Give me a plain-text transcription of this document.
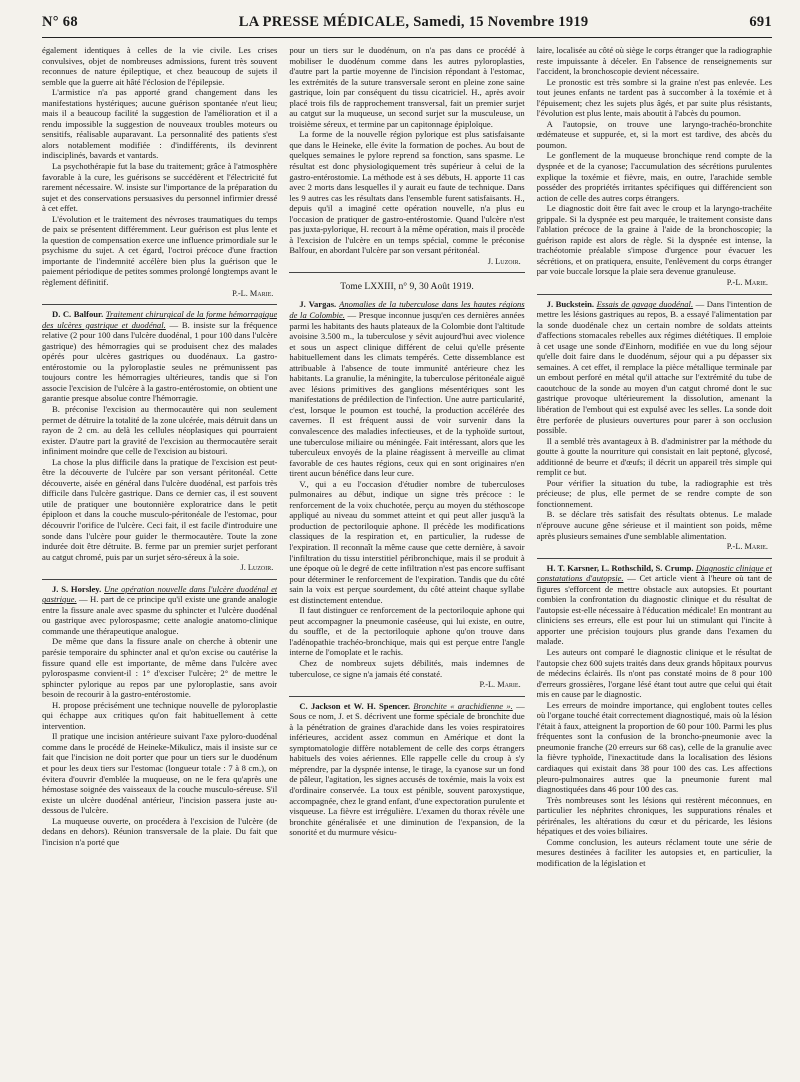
N° 68	LA PRESSE MÉDICALE, Samedi, 15 Novembre 1919	691

également identiques à celles de la vie civile. Les crises convulsives, objet de nombreuses admissions, furent très souvent reconnues de nature épileptique, et chez beaucoup de sujets il semble que la guerre ait hâté l'éclosion de l'épilepsie.

L'armistice n'a pas apporté grand changement dans les manifestations hystériques; aucune guérison spontanée n'eut lieu; mais il a beaucoup facilité la suggestion de l'amélioration et il a rendu impossible la suggestion de nouveaux troubles moteurs ou sensitifs, réalisable auparavant. La personnalité des patients s'est alors notablement modifiée : d'indifférents, ils devinrent indisciplinés, bavards et vantards.

La psychothérapie fut la base du traitement; grâce à l'atmosphère favorable à la cure, les guérisons se succédèrent et l'électricité fut rarement nécessaire. W. insiste sur l'importance de la préparation du sujet et des conservations persuasives du personnel infirmier dressé à cet effet.

L'évolution et le traitement des névroses traumatiques du temps de paix se présentent différemment. Leur guérison est plus lente et la question de compensation exerce une influence primordiale sur le psychisme du sujet. A cet égard, l'octroi précoce d'une fraction importante de l'indemnité accélère bien plus la guérison que le paiement périodique de petites sommes prolongé longtemps avant le règlement définitif.

P.-L. Marie.

D. C. Balfour. Traitement chirurgical de la forme hémorragique des ulcères gastrique et duodénal. — B. insiste sur la fréquence relative (2 pour 100 dans l'ulcère duodénal, 1 pour 100 dans l'ulcère gastrique) des hémorragies qui se produisent chez des malades opérés pour ulcères gastriques ou duodénaux. La gastro-entérostomie ou la pyloroplastie seules ne prémunissent pas toujours contre les hémorragies ultérieures, tandis que si l'on associe l'excision de l'ulcère à la gastro-entérostomie, on obtient une garantie presque absolue contre l'hémorragie.

B. préconise l'excision au thermocautère qui non seulement permet de détruire la totalité de la zone ulcérée, mais détruit dans un rayon de 2 cm. au delà les cellules néoplasiques qui pourraient exister. D'autre part la gravité de l'excision au thermocautère serait infiniment moindre que celle de l'excision au bistouri.

La chose la plus difficile dans la pratique de l'excision est peut-être la découverte de l'ulcère par son versant péritonéal. Cette découverte, aisée en général dans l'ulcère duodénal, est parfois très difficile dans l'ulcère gastrique. Dans ce dernier cas, il est souvent utile de pratiquer une boutonnière exploratrice dans le petit épiploon et dans la couche musculo-péritonéale de l'estomac, pour découvrir l'orifice de l'ulcère. Ceci fait, il est facile d'introduire une sonde dans l'ulcère pour guider le thermocautère. Toute la zone indurée doit être détruite. B. ferme par un premier surjet perforant au catgut chromé, puis par un surjet séro-séreux à la soie.

J. Luzoir.

J. S. Horsley. Une opération nouvelle dans l'ulcère duodénal et gastrique. — H. part de ce principe qu'il existe une grande analogie entre la fissure anale avec spasme du sphincter et l'ulcère duodénal ou gastrique avec pylorospasme; cette analogie anatomo-clinique commande une thérapeutique analogue.

De même que dans la fissure anale on cherche à obtenir une parésie temporaire du sphincter anal et qu'on excise ou cautérise la fissure quand elle est importante, de même dans l'ulcère avec pylorospasme convient-il : 1° d'exciser l'ulcère; 2° de mettre le sphincter pylorique au repos par une pyloroplastie, sans avoir besoin de recourir à la gastro-entérostomie.

H. propose précisément une technique nouvelle de pyloroplastie qui échappe aux critiques qu'on fait habituellement à cette intervention.

Il pratique une incision antérieure suivant l'axe pyloro-duodénal comme dans le procédé de Heineke-Mikulicz, mais il insiste sur ce fait que l'incision ne doit porter que pour un tiers sur le duodénum et pour les deux tiers sur l'estomac (longueur totale : 7 à 8 cm.), on évitera d'ouvrir d'emblée la muqueuse, on ne le fera qu'après une hémostase soignée des vaisseaux de la couche musculo-séreuse. S'il existe un ulcère duodénal antérieur, l'incision passera juste au-dessous de l'ulcère.

La muqueuse ouverte, on procédera à l'excision de l'ulcère (de dedans en dehors). Réunion transversale de la plaie. Du fait que l'incision n'a porté que

pour un tiers sur le duodénum, on n'a pas dans ce procédé à mobiliser le duodénum comme dans les autres pyloroplasties, d'autre part la partie moyenne de l'incision répondant à l'estomac, les extrémités de la suture transversale seront en pleine zone saine gastrique, loin par conséquent du tissu cicatriciel. H., après avoir placé trois fils de rapprochement transversal, fait un premier surjet au catgut sur la muqueuse, un second surjet sur la musculeuse, un troisième séreux, et termine par un capitonnage épiploïque.

La forme de la nouvelle région pylorique est plus satisfaisante que dans le Heineke, elle évite la formation de poches. Au bout de quelques semaines le pylore reprend sa fonction, sans spasme. Le résultat est donc physiologiquement très supérieur à celui de la gastro-entérostomie. La méthode est à ses débuts, H. apporte 11 cas avec 2 morts dans lesquelles il y aurait eu faute de technique. Dans les 9 autres cas les résultats dans l'ensemble furent satisfaisants. H., depuis qu'il a imaginé cette opération nouvelle, n'a plus eu l'occasion de pratiquer de gastro-entérostomie. Quand l'ulcère n'est pas juxta-pylorique, H. recourt à la même opération, mais il procède à l'excision de l'ulcère en un temps spécial, comme le préconise Balfour, en abordant l'ulcère par son versant péritonéal.

J. Luzoir.
Tome LXXIII, n° 9, 30 Août 1919.

J. Vargas. Anomalies de la tuberculose dans les hautes régions de la Colombie. — Presque inconnue jusqu'en ces dernières années parmi les habitants des hauts plateaux de la Colombie dont l'altitude avoisine 3.500 m., la tuberculose y sévit aujourd'hui avec violence et sous un aspect clinique différent de celui qu'elle présente habituellement dans les climats tempérés. Cette dissemblance est attribuable à l'absence de toute immunité antérieure chez les habitants. La granulie, la méningite, la tuberculose péritonéale aiguë avec lésions primitives des ganglions mésentériques sont les manifestations de prédilection de l'infection. Une autre particularité, c'est, lorsque le poumon est touché, la production accélérée des cavernes. Il est fréquent aussi de voir survenir dans la convalescence des maladies infectieuses, et de la typhoïde surtout, une tuberculose miliaire ou méningée. Fait intéressant, alors que les tuberculeux envoyés de la plaine réagissent à merveille au climat favorable de ces hautes régions, ceux qui en sont originaires n'en tirent aucun bénéfice dans leur cure.

V., qui a eu l'occasion d'étudier nombre de tuberculoses pulmonaires au début, indique un signe très précoce : le renforcement de la voix chuchotée, perçu au moyen du stéthoscope appliqué au niveau du sommet atteint et qui peut aller jusqu'à la production de pectoriloquie aphone. Il précède les modifications classiques de la respiration et, en particulier, la rudesse de l'expiration. Il reconnaît la même cause que cette dernière, à savoir l'infiltration du tissu interstitiel péribronchique, mais il se produit à une époque où le degré de cette infiltration n'est pas encore suffisant pour déterminer le renforcement de l'expiration. Tandis que du côté sain la voix est perçue sourdement, du côté atteint chaque syllabe est distinctement entendue.

Il faut distinguer ce renforcement de la pectoriloquie aphone qui peut accompagner la pneumonie caséeuse, qui lui existe, en outre, du souffle, et de la pectoriloquie aphone qu'on trouve dans l'adénopathie trachéo-bronchique, mais qui est perçue entre l'angle interne de l'omoplate et le rachis.

Chez de nombreux sujets débilités, mais indemnes de tuberculose, ce signe n'a jamais été constaté.

P.-L. Marie.

C. Jackson et W. H. Spencer. Bronchite « arachidienne ». — Sous ce nom, J. et S. décrivent une forme spéciale de bronchite due à la pénétration de graines d'arachide dans les voies respiratoires inférieures, accident assez commun en Amérique et dont la symptomatologie diffère notablement de celle des corps étrangers habituels des voies aériennes. Elle rappelle celle du croup à s'y méprendre, par la dyspnée intense, le tirage, la cyanose sur un fond de pâleur, l'agitation, les signes accusés de toxémie, mais la voix est d'ordinaire conservée. La toux est pénible, souvent paroxystique, accompagnée, chez le grand enfant, d'une expectoration purulente et visqueuse. La fièvre est irrégulière. L'examen du thorax révèle une bronchite généralisée et une diminution de l'expansion, de la sonorité et du murmure vésicu-

laire, localisée au côté où siège le corps étranger que la radiographie reste impuissante à déceler. En l'absence de renseignements sur l'accident, la bronchoscopie devient nécessaire.

Le pronostic est très sombre si la graine n'est pas enlevée. Les tout jeunes enfants ne tardent pas à succomber à la toxémie et à l'épuisement; chez les sujets plus âgés, et par suite plus résistants, l'évolution est plus lente, mais aboutit à l'abcès du poumon.

A l'autopsie, on trouve une laryngo-trachéo-bronchite œdémateuse et suppurée, et, si la mort est tardive, des abcès du poumon.

Le gonflement de la muqueuse bronchique rend compte de la dyspnée et de la cyanose; l'accumulation des sécrétions purulentes explique la toxémie et fièvre, mais, en outre, l'arachide semble posséder des propriétés irritantes spécifiques qui différencient son action de celle des autres corps étrangers.

Le diagnostic doit être fait avec le croup et la laryngo-trachéite grippale. Si la dyspnée est peu marquée, le traitement consiste dans l'ablation précoce de la graine à l'aide de la bronchoscopie; la guérison rapide est alors de règle. Si la dyspnée est intense, la trachéotomie préalable s'impose d'urgence pour évacuer les sécrétions, et on pratiquera, ensuite, l'enlèvement du corps étranger par voie buccale lorsque la plaie sera devenue granuleuse.

P.-L. Marie.

J. Buckstein. Essais de gavage duodénal. — Dans l'intention de mettre les lésions gastriques au repos, B. a essayé l'alimentation par la sonde duodénale chez un certain nombre de soldats atteints d'affections stomacales rebelles aux régimes diététiques. Il emploie à cet usage une sonde d'Einhorn, modifiée en vue du long séjour qu'elle doit faire dans le duodénum, séjour qui a pu dépasser six semaines. A cet effet, il remplace la pièce métallique terminale par un embout perforé en métal qu'il attache sur l'extrémité du tube de caoutchouc de la sonde au moyen d'un catgut chromé dont le suc gastrique provoque ultérieurement la dissolution, amenant la libération de l'embout qui est expulsé avec les selles. La sonde doit être perforée de plusieurs ouvertures pour parer à son occlusion possible.

Il a semblé très avantageux à B. d'administrer par la méthode du goutte à goutte la nourriture qui consistait en lait peptoné, glycosé, additionné de beurre et d'œufs; il décrit un appareil très simple qui remplit ce but.

Pour vérifier la situation du tube, la radiographie est très précieuse; de plus, elle permet de se rendre compte de son fonctionnement.

B. se déclare très satisfait des résultats obtenus. Le malade n'éprouve aucune gêne sérieuse et il maintient son poids, même après plusieurs semaines d'une semblable alimentation.

P.-L. Marie.

H. T. Karsner, L. Rothschild, S. Crump. Diagnostic clinique et constatations d'autopsie. — Cet article vient à l'heure où tant de figures s'efforcent de mettre obstacle aux autopsies. Et pourtant combien la confrontation du diagnostic clinique et du résultat de l'autopsie est-elle nécessaire à l'éducation médicale! En montrant au cliniciens ses erreurs, elle est pour lui un stimulant qui l'incite à apporter une précision toujours plus grande dans l'examen du malade.

Les auteurs ont comparé le diagnostic clinique et le résultat de l'autopsie chez 600 sujets traités dans deux grands hôpitaux pourvus de médecins éclairés. Ils n'ont pas constaté moins de 8 pour 100 d'erreurs grossières, l'organe lésé étant tout autre que celui qui était mis en cause par le diagnostic.

Les erreurs de moindre importance, qui englobent toutes celles où l'organe touché était correctement diagnostiqué, mais où la lésion l'était à faux, atteignent la proportion de 60 pour 100. Parmi les plus fréquentes sont la confusion de la broncho-pneumonie avec la pneumonie franche (20 erreurs sur 68 cas), celle de la granulie avec la fièvre typhoïde, l'inexactitude dans la localisation des lésions cardiaques qui existait dans 38 pour 100 des cas. Les affections pleuro-pulmonaires autres que la pneumonie furent mal diagnostiquées dans 46 pour 100 des cas.

Très nombreuses sont les lésions qui restèrent méconnues, en particulier les néphrites chroniques, les suppurations rénales et périrénales, les altérations du cœur et du péricarde, les lésions hépatiques et des voies biliaires.

Comme conclusion, les auteurs réclament toute une série de mesures destinées à faciliter les autopsies et, en particulier, la modification de la législation et
